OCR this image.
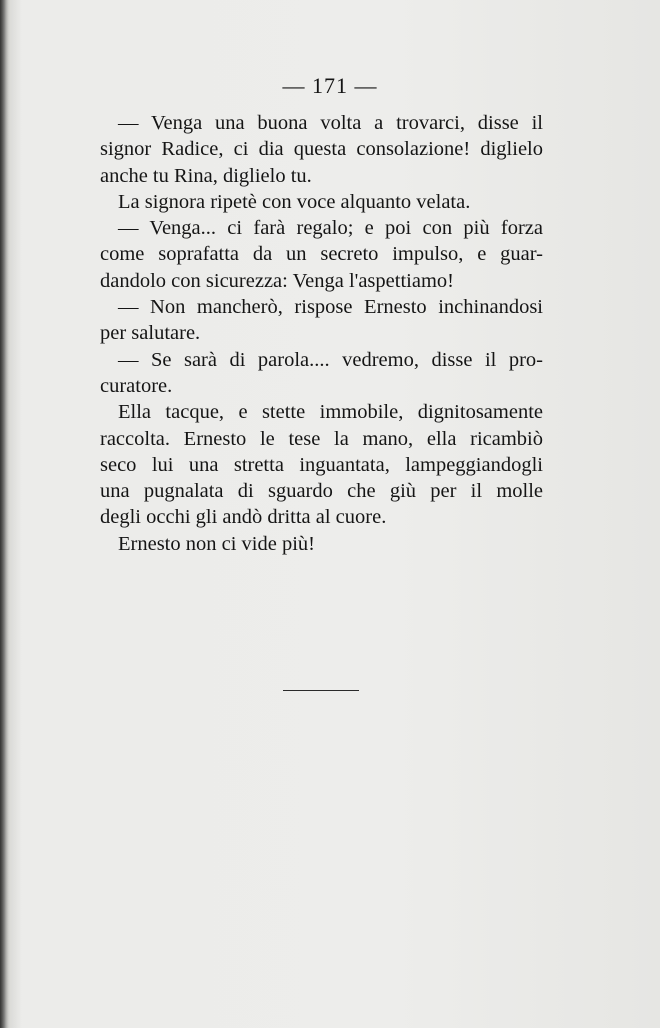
— 171 —
— Venga una buona volta a trovarci, disse il
signor Radice, ci dia questa consolazione! diglielo
anche tu Rina, diglielo tu.
La signora ripetè con voce alquanto velata.
— Venga... ci farà regalo; e poi con più forza
come soprafatta da un secreto impulso, e guar-
dandolo con sicurezza: Venga l'aspettiamo!
— Non mancherò, rispose Ernesto inchinandosi
per salutare.
— Se sarà di parola.... vedremo, disse il pro-
curatore.
Ella tacque, e stette immobile, dignitosamente
raccolta. Ernesto le tese la mano, ella ricambiò
seco lui una stretta inguantata, lampeggiandogli
una pugnalata di sguardo che giù per il molle
degli occhi gli andò dritta al cuore.
Ernesto non ci vide più!
